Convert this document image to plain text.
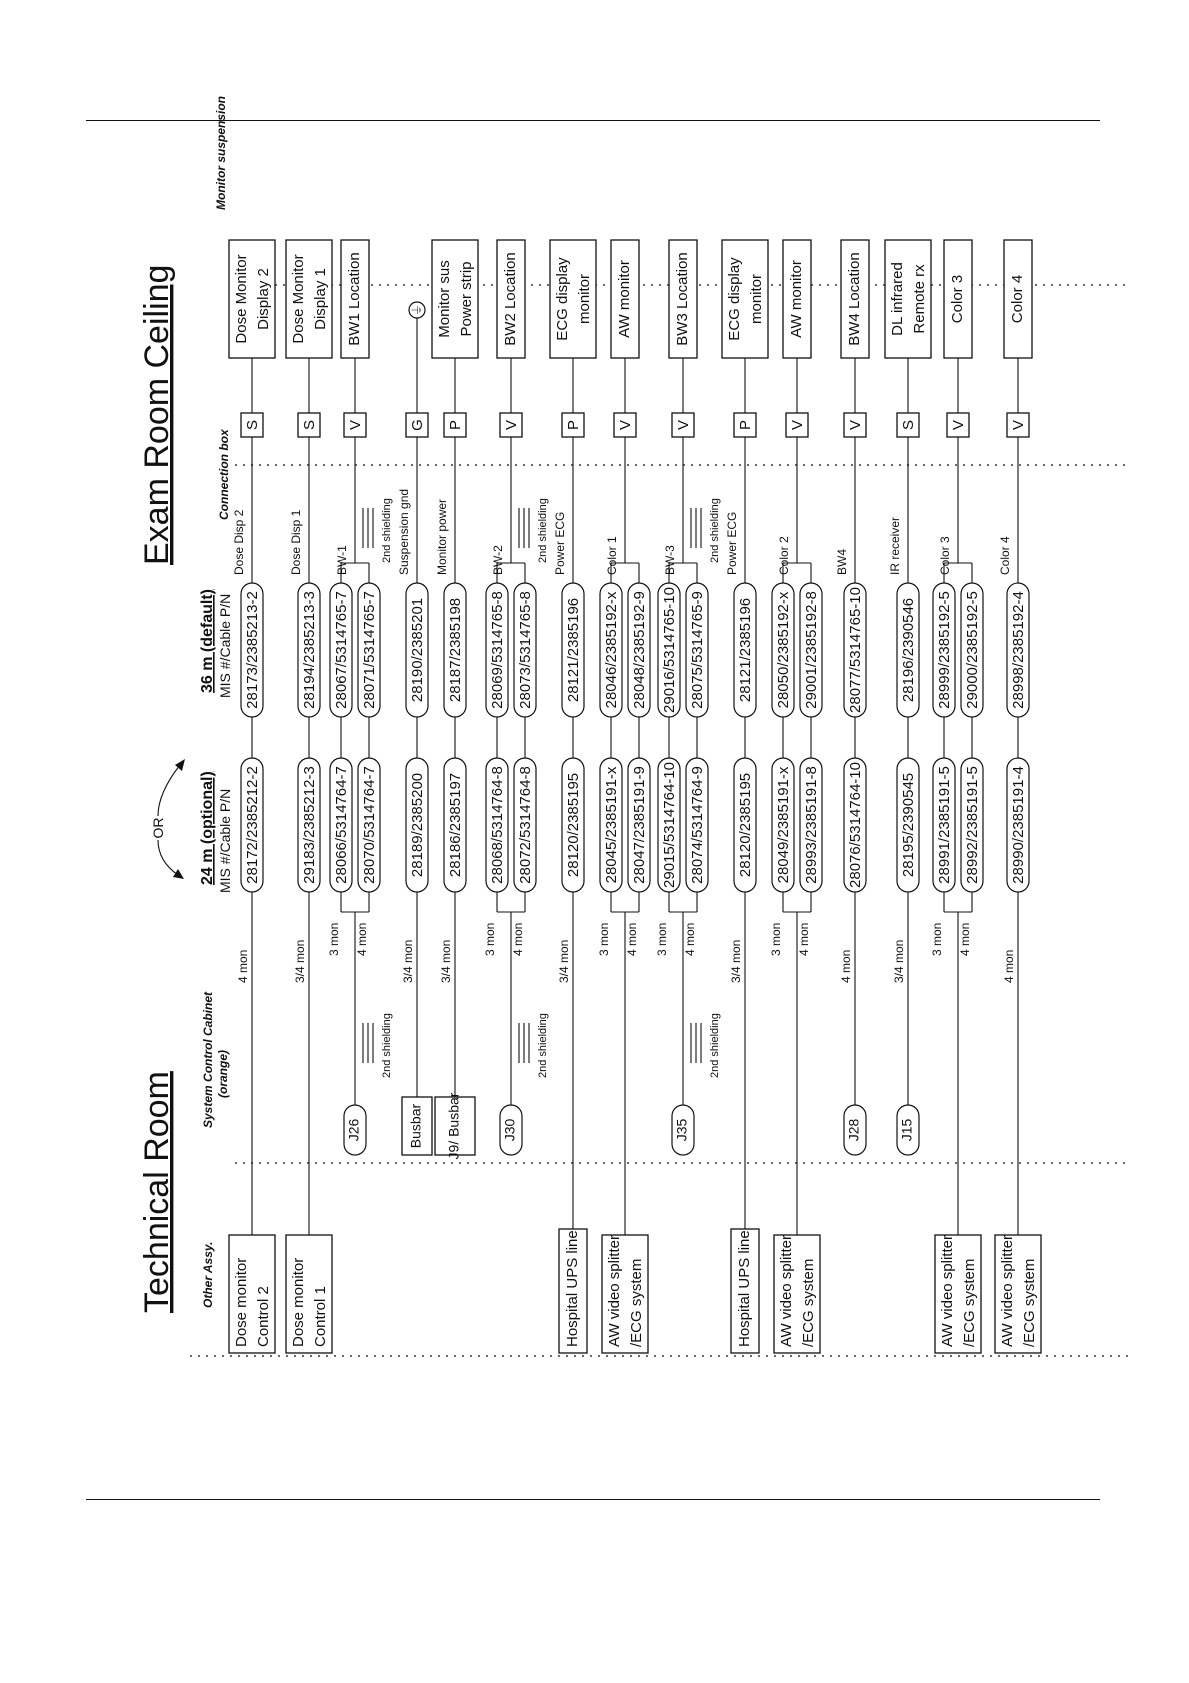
Technical Room
Exam Room Ceiling
Other Assy.
System Control Cabinet (orange)
Connection box
Monitor suspension
24 m (optional) MIS #/Cable P/N
36 m (default) MIS #/Cable P/N
OR
Dose monitor Control 2
4 mon
28172/2385212-2
28173/2385213-2
Dose Disp 2
S
Dose Monitor Display 2
Dose monitor Control 1
3/4 mon
29183/2385212-3
28194/2385213-3
Dose Disp 1
S
Dose Monitor Display 1
J26
2nd shielding
2nd shielding
3 mon 4 mon
28066/5314764-7 28070/5314764-7
28067/5314765-7 28071/5314765-7
BW-1
V
BW1 Location
Busbar
3/4 mon
28189/2385200
28190/2385201
Suspension gnd
G
⏚
J9/ Busbar
3/4 mon
28186/2385197
28187/2385198
Monitor power
P
Monitor sus Power strip
J30
2nd shielding
2nd shielding
3 mon 4 mon
28068/5314764-8 28072/5314764-8
28069/5314765-8 28073/5314765-8
BW-2
V
BW2 Location
Hospital UPS line
3/4 mon
28120/2385195
28121/2385196
Power ECG
P
ECG display monitor
AW video splitter /ECG system
3 mon 4 mon
28045/2385191-x 28047/2385191-9
28046/2385192-x 28048/2385192-9
Color 1
V
AW monitor
J35
2nd shielding
2nd shielding
3 mon 4 mon
29015/5314764-10 28074/5314764-9
29016/5314765-10 28075/5314765-9
BW-3
V
BW3 Location
Hospital UPS line
3/4 mon
28120/2385195
28121/2385196
Power ECG
P
ECG display monitor
AW video splitter /ECG system
3 mon 4 mon
28049/2385191-x 28993/2385191-8
28050/2385192-x 29001/2385192-8
Color 2
V
AW monitor
J28
4 mon
28076/5314764-10
28077/5314765-10
BW4
V
BW4 Location
J15
3/4 mon
28195/2390545
28196/2390546
IR receiver
S
DL infrared Remote rx
AW video splitter /ECG system
3 mon 4 mon
28991/2385191-5 28992/2385191-5
28999/2385192-5 29000/2385192-5
Color 3
V
Color 3
AW video splitter /ECG system
4 mon
28990/2385191-4
28998/2385192-4
Color 4
V
Color 4
